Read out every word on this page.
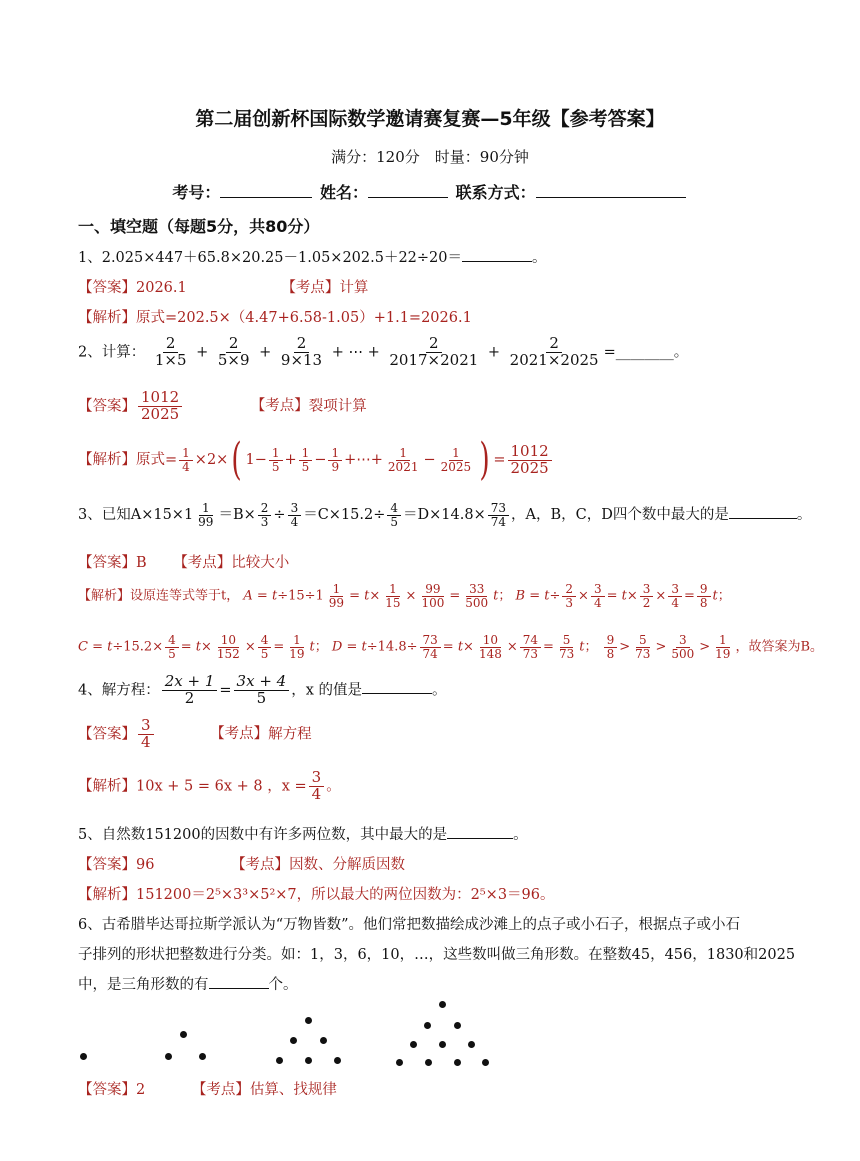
第二届创新杯国际数学邀请赛复赛—5年级【参考答案】
满分：120分　时量：90分钟
考号：	姓名：	联系方式：
一、填空题（每题5分，共80分）
1、2.025×447＋65.8×20.25－1.05×202.5＋22÷20＝	。
【答案】2026.1	【考点】计算
【解析】原式=202.5×（4.47+6.58-1.05）+1.1=2026.1
2、计算： $\frac{2}{1\times 5} + \frac{2}{5\times 9} + \frac{2}{9\times 13}$ + ⋯ + $\frac{2}{2017\times 2021} + \frac{2}{2021\times 2025}$ =________。
【答案】 $\frac{1012}{2025}$	【考点】裂项计算
【解析】原式= $\frac{1}{4} \times 2\times$( $1- \frac{1}{5} + \frac{1}{5} - \frac{1}{9}$ +⋯+ $\frac{1}{2021} - \frac{1}{2025}$ ) = $\frac{1012}{2025}$
3、已知$A\times 15\times 1 \frac{1}{99} =B\times \frac{2}{3} \div \frac{3}{4} =C\times 15.2\div \frac{4}{5} =D\times 14.8\times \frac{73}{74}$ ，A，B，C，D四个数中最大的是	。
【答案】B 【考点】比较大小
【解析】设原连等式等于t， $A = t\div 15\div 1 \frac{1}{99} = t\times \frac{1}{15} \times \frac{99}{100} = \frac{33}{500}$ t； $B = t\div \frac{2}{3} \times \frac{3}{4} = t\times \frac{3}{2} \times \frac{3}{4} = \frac{9}{8}$ t；
$C = t\div 15.2\times \frac{4}{5} = t\times \frac{10}{152} \times \frac{4}{5} = \frac{1}{19}$ t； $D = t\div 14.8\div \frac{73}{74} = t\times \frac{10}{148} \times \frac{74}{73} = \frac{5}{73}$ t； $\frac{9}{8} > \frac{5}{73} > \frac{3}{500} > \frac{1}{19}$ ，故答案为B。
4、解方程： $\frac{2x + 1}{2} = \frac{3x + 4}{5}$ ，x 的值是	。
【答案】 $\frac{3}{4}$	【考点】解方程
【解析】10x + 5 = 6x + 8 ，$x = \frac{3}{4}$ 。
5、自然数151200的因数中有许多两位数，其中最大的是	。
【答案】96	【考点】因数、分解质因数
【解析】151200＝2⁵×3³×5²×7，所以最大的两位因数为：2⁵×3＝96。
6、古希腊毕达哥拉斯学派认为“万物皆数”。他们常把数描绘成沙滩上的点子或小石子，根据点子或小石
子排列的形状把整数进行分类。如：1，3，6，10，…，这些数叫做三角形数。在整数45，456，1830和2025
中，是三角形数的有	个。
【答案】2	【考点】估算、找规律
